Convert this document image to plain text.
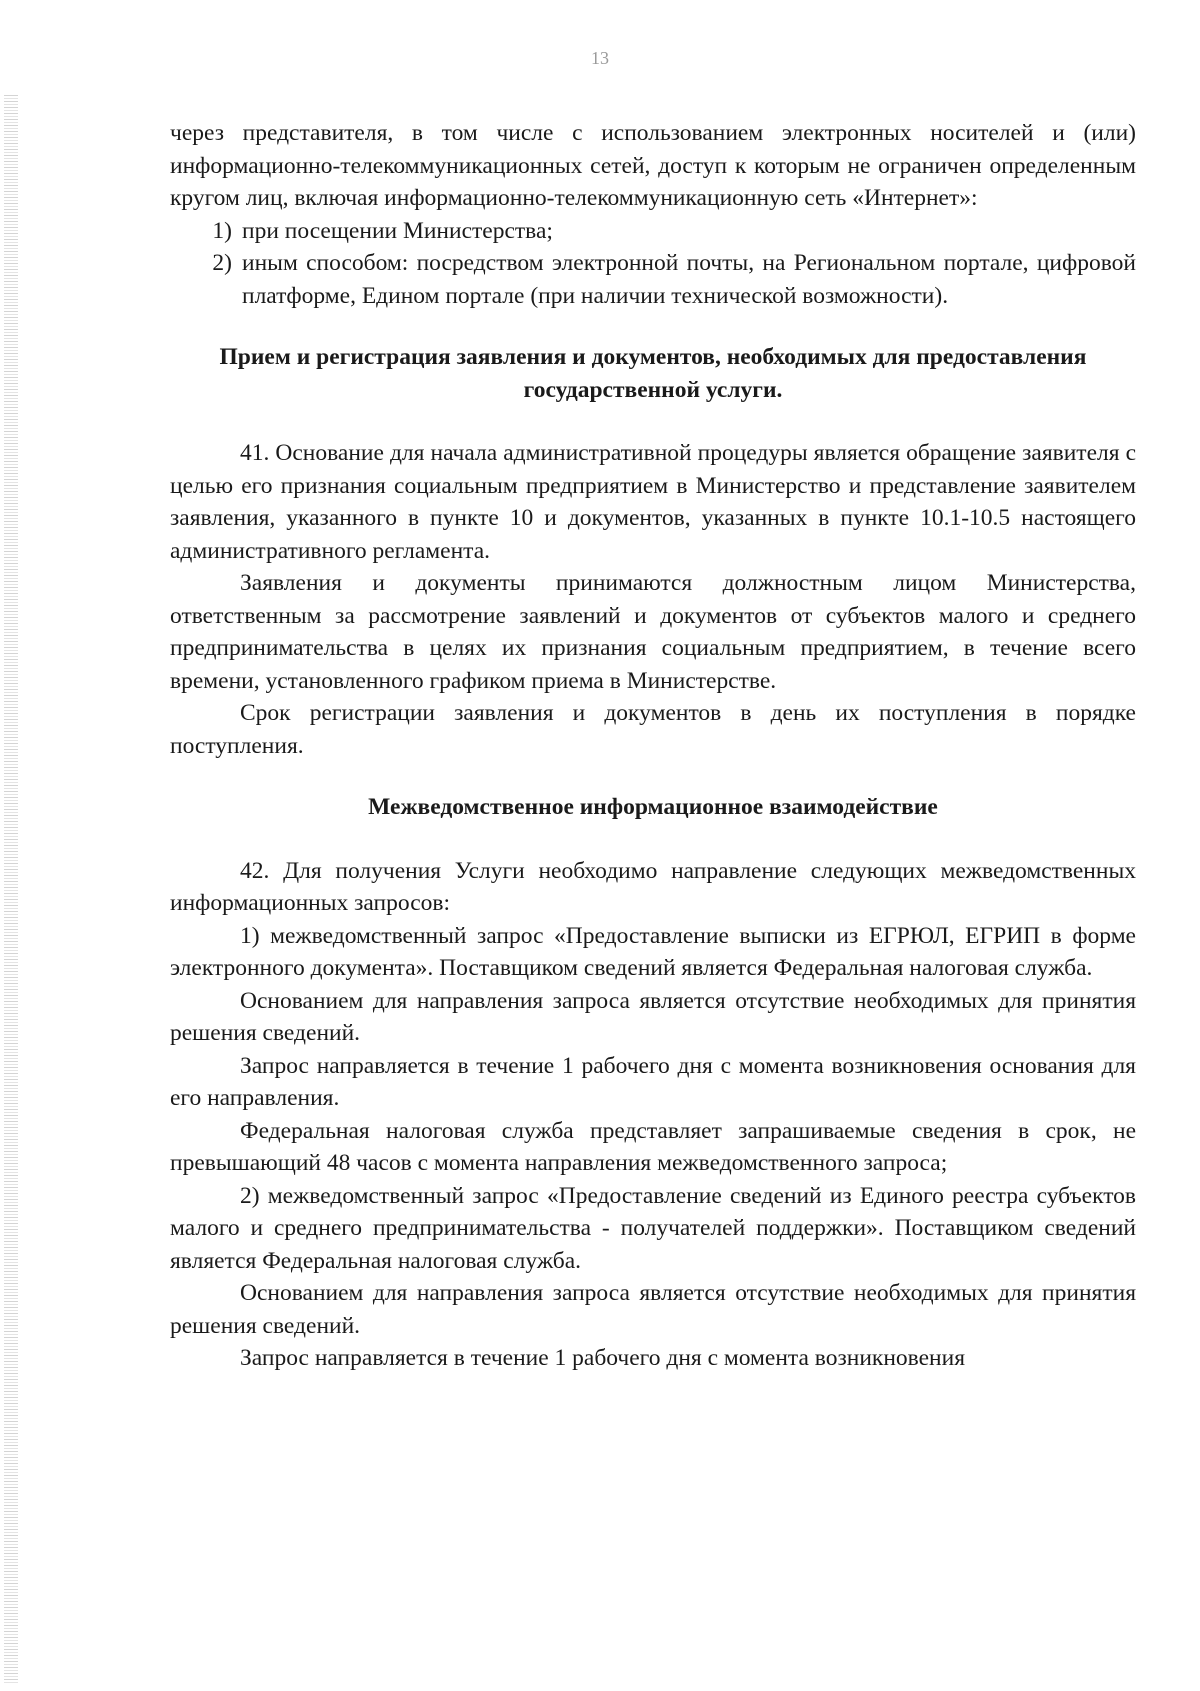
13

через представителя, в том числе с использованием электронных носителей и (или) информационно-телекоммуникационных сетей, доступ к которым не ограничен определенным кругом лиц, включая информационно-телекоммуникационную сеть «Интернет»:

1) при посещении Министерства;
2) иным способом: посредством электронной почты, на Региональном портале, цифровой платформе, Едином портале (при наличии технической возможности).
Прием и регистрация заявления и документов, необходимых для предоставления государственной услуги.

41. Основание для начала административной процедуры является обращение заявителя с целью его признания социальным предприятием в Министерство и представление заявителем заявления, указанного в пункте 10 и документов, указанных в пункте 10.1-10.5 настоящего административного регламента.

Заявления и документы принимаются должностным лицом Министерства, ответственным за рассмотрение заявлений и документов от субъектов малого и среднего предпринимательства в целях их признания социальным предприятием, в течение всего времени, установленного графиком приема в Министерстве.

Срок регистрации заявления и документов в день их поступления в порядке поступления.

Межведомственное информационное взаимодействие

42. Для получения Услуги необходимо направление следующих межведомственных информационных запросов:

1) межведомственный запрос «Предоставление выписки из ЕГРЮЛ, ЕГРИП в форме электронного документа». Поставщиком сведений является Федеральная налоговая служба.

Основанием для направления запроса является отсутствие необходимых для принятия решения сведений.

Запрос направляется в течение 1 рабочего дня с момента возникновения основания для его направления.

Федеральная налоговая служба представляет запрашиваемые сведения в срок, не превышающий 48 часов с момента направления межведомственного запроса;

2) межведомственный запрос «Предоставление сведений из Единого реестра субъектов малого и среднего предпринимательства - получателей поддержки». Поставщиком сведений является Федеральная налоговая служба.

Основанием для направления запроса является отсутствие необходимых для принятия решения сведений.

Запрос направляется в течение 1 рабочего дня с момента возникновения
